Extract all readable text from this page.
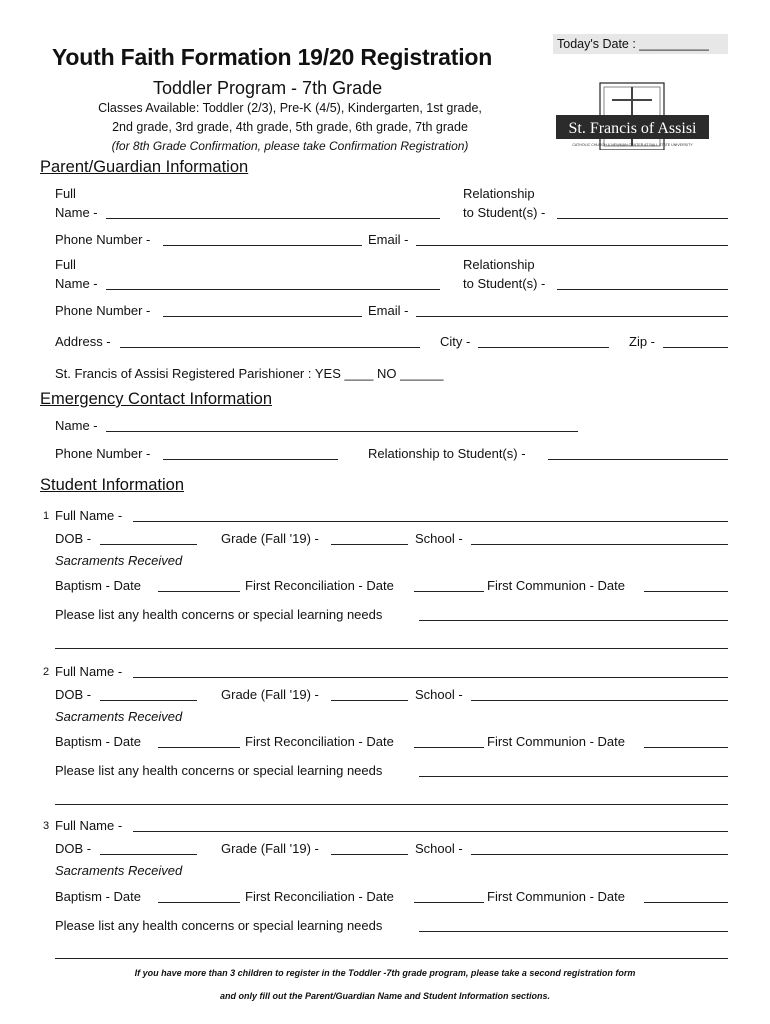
Youth Faith Formation 19/20 Registration
Toddler Program - 7th Grade
Classes Available: Toddler (2/3), Pre-K (4/5), Kindergarten, 1st grade,
2nd grade, 3rd grade, 4th grade, 5th grade, 6th grade, 7th grade
(for 8th Grade Confirmation, please take Confirmation Registration)
Today's Date : __________
St. Francis of Assisi
CATHOLIC CHURCH & NEWMAN CENTER AT BALL STATE UNIVERSITY
Parent/Guardian Information
Full
Name -
Relationship
to Student(s) -
Phone Number -	Email -
Full
Name -
Relationship
to Student(s) -
Phone Number -	Email -
Address -	City -	Zip -
St. Francis of Assisi Registered Parishioner : YES ____ NO ______
Emergency Contact Information
Name -
Phone Number -	Relationship to Student(s) -
Student Information
1 Full Name -
DOB -	Grade (Fall '19) -	School -
Sacraments Received
Baptism - Date	First Reconciliation - Date	First Communion - Date
Please list any health concerns or special learning needs
2 Full Name -
DOB -	Grade (Fall '19) -	School -
Sacraments Received
Baptism - Date	First Reconciliation - Date	First Communion - Date
Please list any health concerns or special learning needs
3 Full Name -
DOB -	Grade (Fall '19) -	School -
Sacraments Received
Baptism - Date	First Reconciliation - Date	First Communion - Date
Please list any health concerns or special learning needs
If you have more than 3 children to register in the Toddler -7th grade program, please take a second registration form
and only fill out the Parent/Guardian Name and Student Information sections.
